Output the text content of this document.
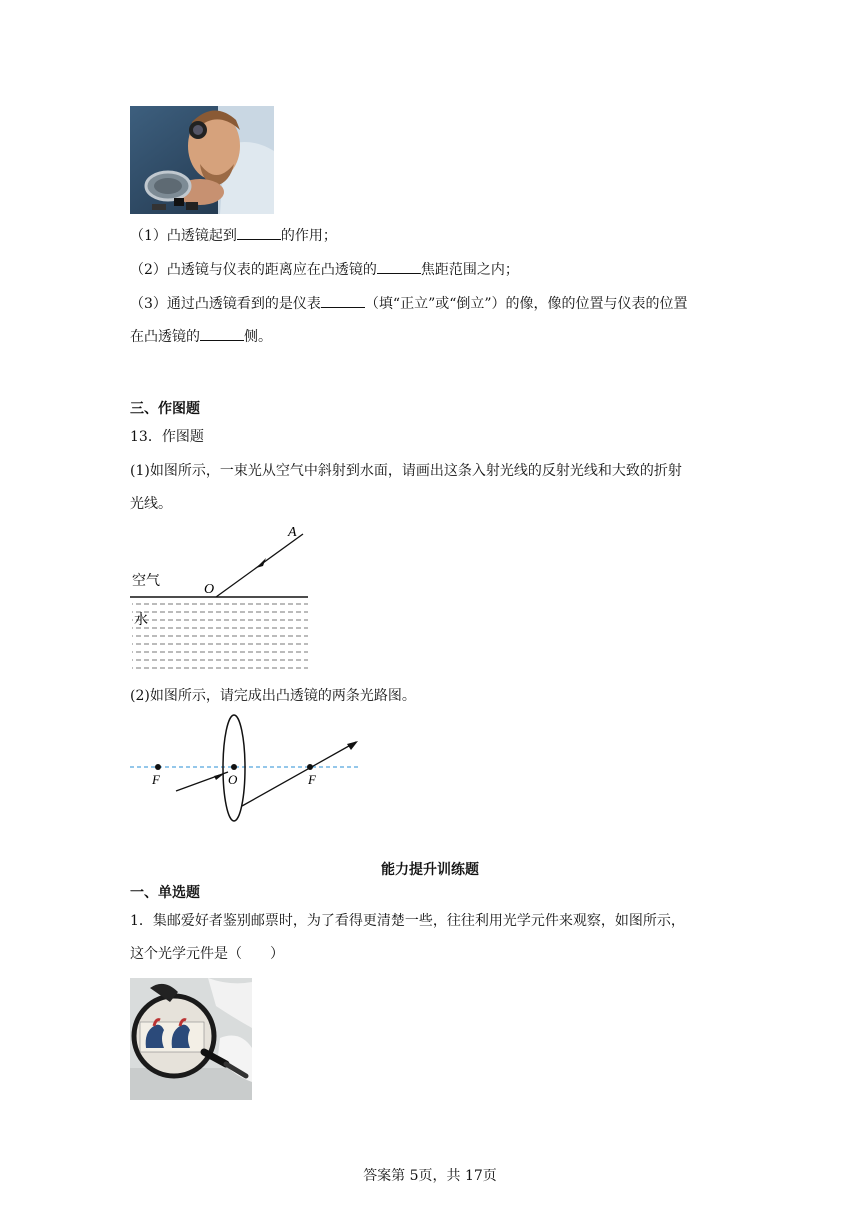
（1）凸透镜起到	的作用；
（2）凸透镜与仪表的距离应在凸透镜的	焦距范围之内；
（3）通过凸透镜看到的是仪表	（填“正立”或“倒立”）的像，像的位置与仪表的位置
在凸透镜的	侧。
三、作图题
13．作图题
(1)如图所示，一束光从空气中斜射到水面，请画出这条入射光线的反射光线和大致的折射
光线。
A
O
空气
水
(2)如图所示，请完成出凸透镜的两条光路图。
F	O	F
能力提升训练题
一、单选题
1．集邮爱好者鉴别邮票时，为了看得更清楚一些，往往利用光学元件来观察，如图所示，
这个光学元件是（　　）
答案第 5页，共 17页
